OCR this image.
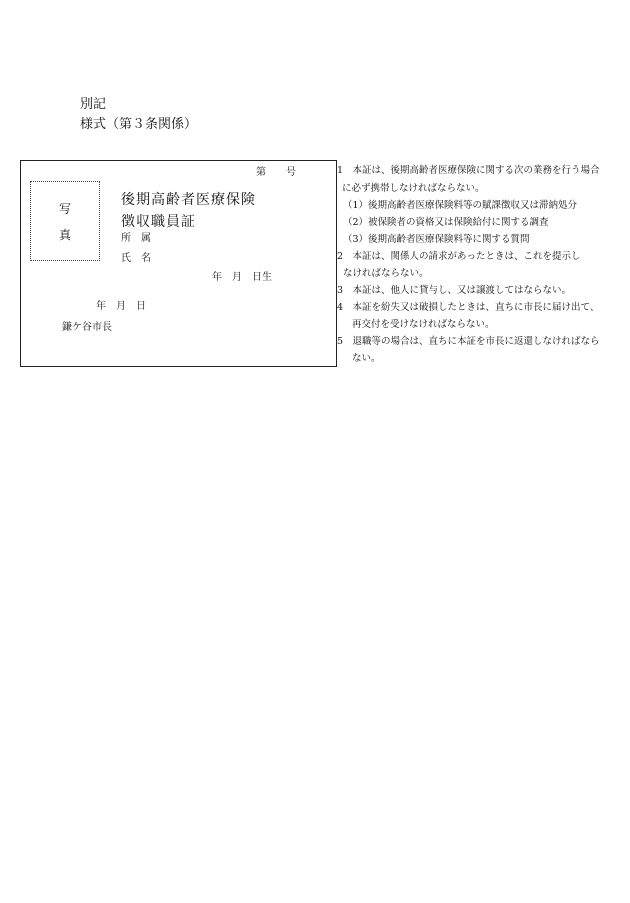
別記
様式（第３条関係）
第　　号
写
真
後期高齢者医療保険
徴収職員証
所　属
氏　名
年　月　日生
年　月　日
鎌ケ谷市長
1　本証は、後期高齢者医療保険に関する次の業務を行う場合
に必ず携帯しなければならない。
（1）後期高齢者医療保険料等の賦課徴収又は滞納処分
（2）被保険者の資格又は保険給付に関する調査
（3）後期高齢者医療保険料等に関する質問
2　本証は、関係人の請求があったときは、これを提示し
なければならない。
3　本証は、他人に貸与し、又は譲渡してはならない。
4　本証を紛失又は破損したときは、直ちに市長に届け出て、
再交付を受けなければならない。
5　退職等の場合は、直ちに本証を市長に返還しなければなら
ない。
